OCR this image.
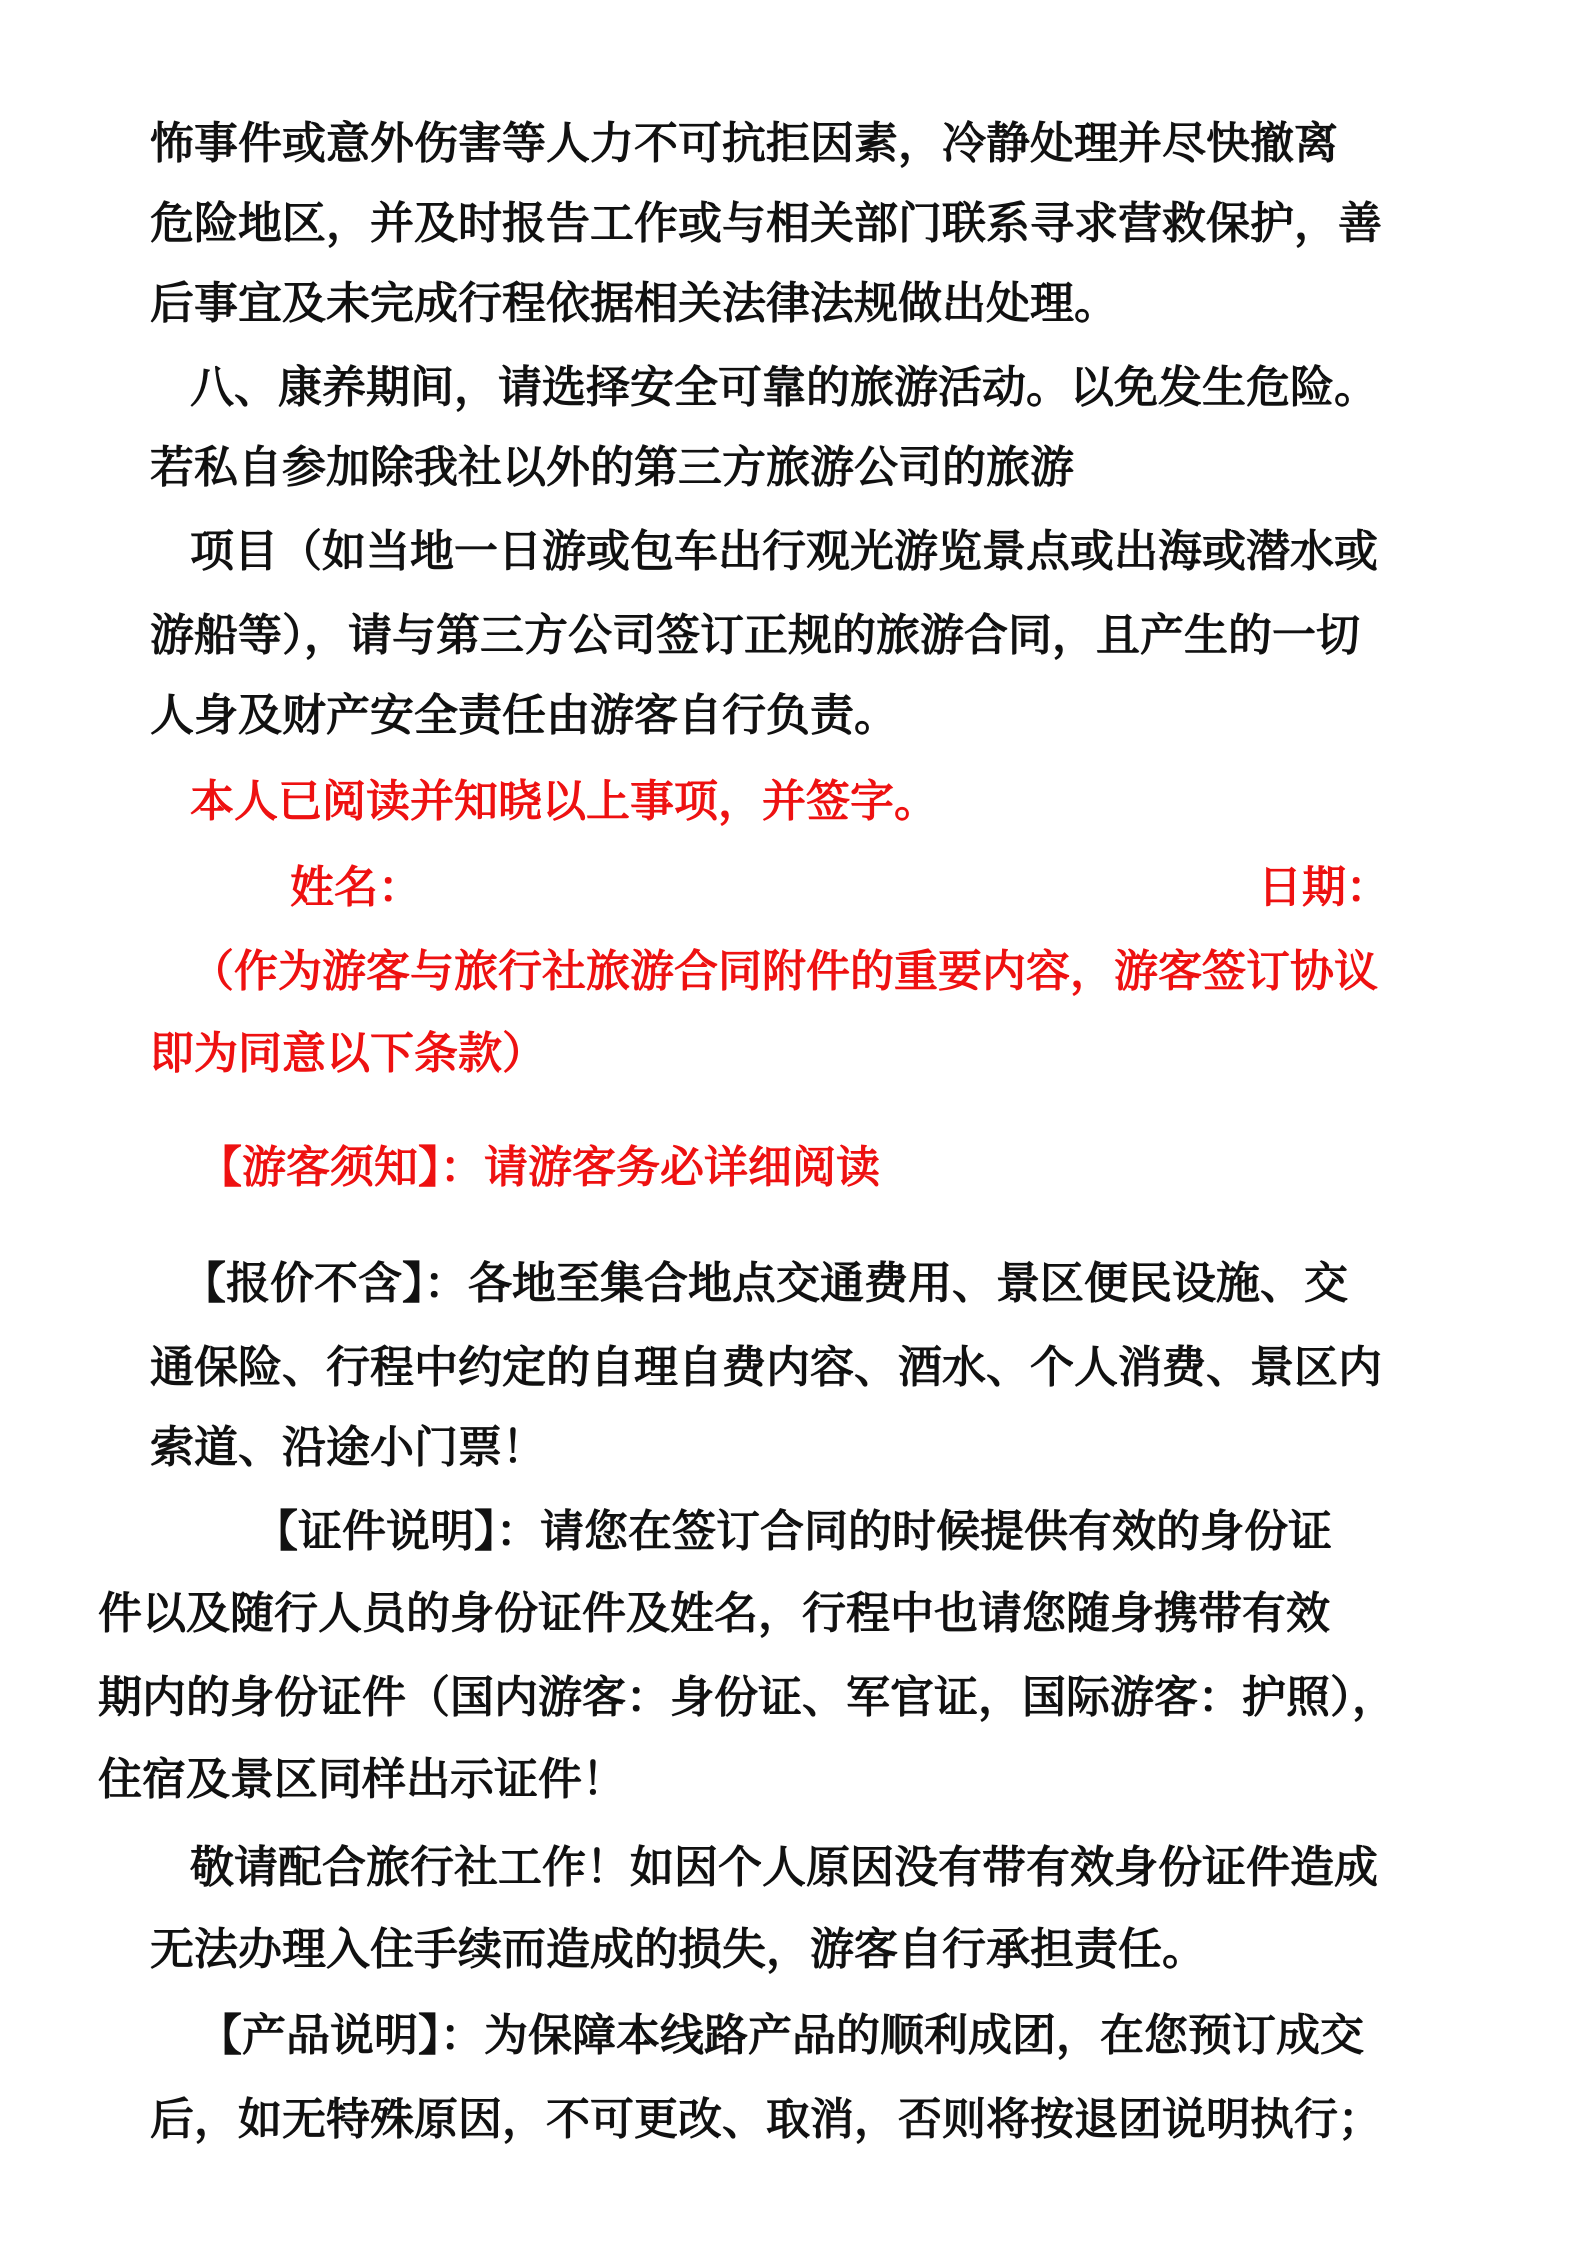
怖事件或意外伤害等人力不可抗拒因素，冷静处理并尽快撤离
危险地区，并及时报告工作或与相关部门联系寻求营救保护，善
后事宜及未完成行程依据相关法律法规做出处理。
八、康养期间，请选择安全可靠的旅游活动。以免发生危险。
若私自参加除我社以外的第三方旅游公司的旅游
项目（如当地一日游或包车出行观光游览景点或出海或潜水或
游船等），请与第三方公司签订正规的旅游合同，且产生的一切
人身及财产安全责任由游客自行负责。
本人已阅读并知晓以上事项，并签字。
姓名：	日期：
（作为游客与旅行社旅游合同附件的重要内容，游客签订协议
即为同意以下条款）
【游客须知】：请游客务必详细阅读
【报价不含】：各地至集合地点交通费用、景区便民设施、交
通保险、行程中约定的自理自费内容、酒水、个人消费、景区内
索道、沿途小门票！
【证件说明】：请您在签订合同的时候提供有效的身份证
件以及随行人员的身份证件及姓名，行程中也请您随身携带有效
期内的身份证件（国内游客：身份证、军官证，国际游客：护照），
住宿及景区同样出示证件！
敬请配合旅行社工作！如因个人原因没有带有效身份证件造成
无法办理入住手续而造成的损失，游客自行承担责任。
【产品说明】：为保障本线路产品的顺利成团，在您预订成交
后，如无特殊原因，不可更改、取消，否则将按退团说明执行；
